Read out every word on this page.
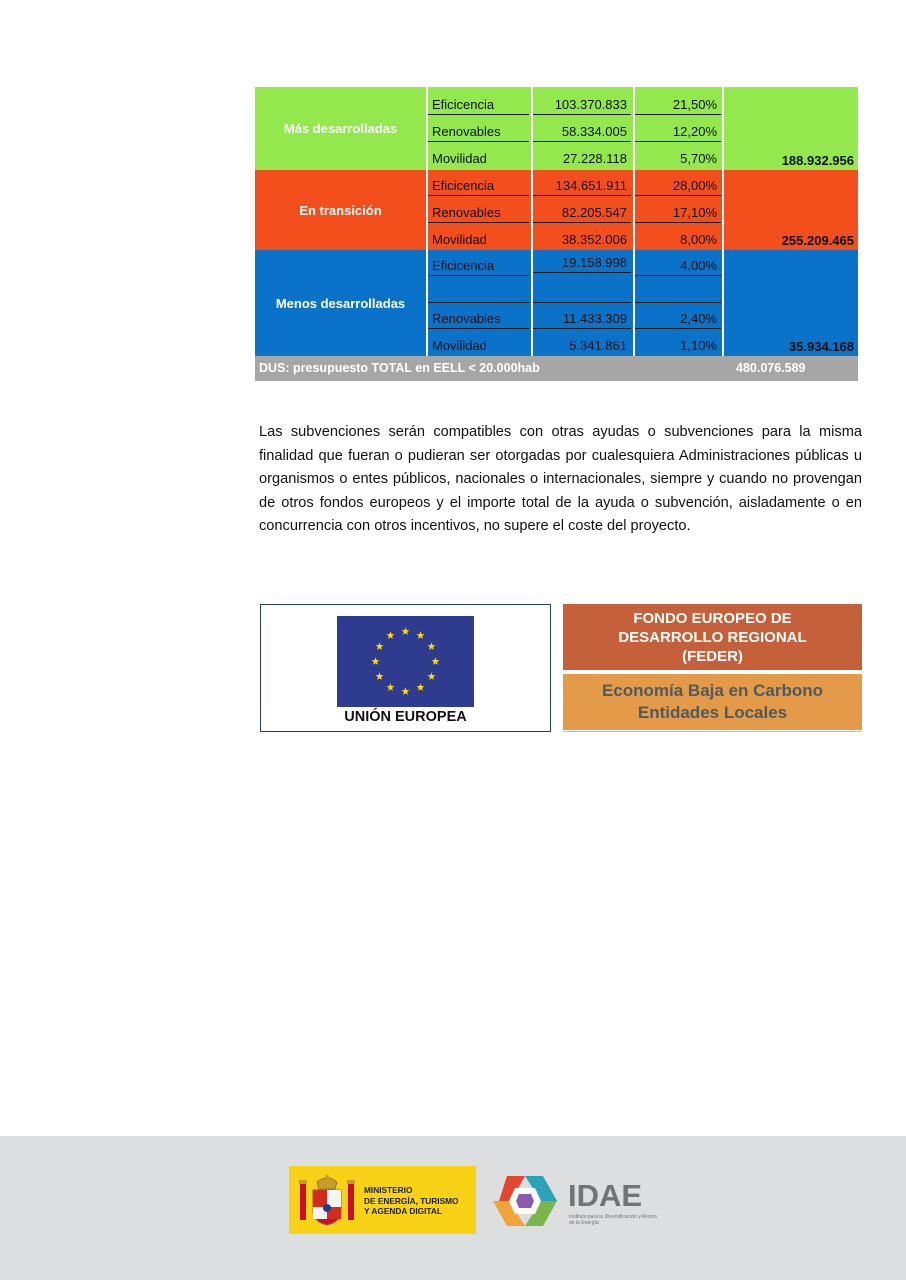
Más desarrolladas
Eficicencia	103.370.833	21,50%
Renovables	58.334.005	12,20%
Movilidad	27.228.118	5,70%	188.932.956
En transición
Eficicencia	134.651.911	28,00%
Renovables	82.205.547	17,10%
Movilidad	38.352.006	8,00%	255.209.465
Menos desarrolladas
Eficicencia	19.158.998	4,00%
Renovables	11.433.309	2,40%
Movilidad	5.341.861	1,10%	35.934.168
DUS: presupuesto TOTAL en EELL < 20.000hab	480.076.589

Las subvenciones serán compatibles con otras ayudas o subvenciones para la misma finalidad que fueran o pudieran ser otorgadas por cualesquiera Administraciones públicas u organismos o entes públicos, nacionales o internacionales, siempre y cuando no provengan de otros fondos europeos y el importe total de la ayuda o subvención, aisladamente o en concurrencia con otros incentivos, no supere el coste del proyecto.

UNIÓN EUROPEA
FONDO EUROPEO DE
DESARROLLO REGIONAL
(FEDER)
Economía Baja en Carbono
Entidades Locales
MINISTERIO
DE ENERGÍA, TURISMO
Y AGENDA DIGITAL	IDAE
Instituto para la Diversificación y Ahorro de la Energía
